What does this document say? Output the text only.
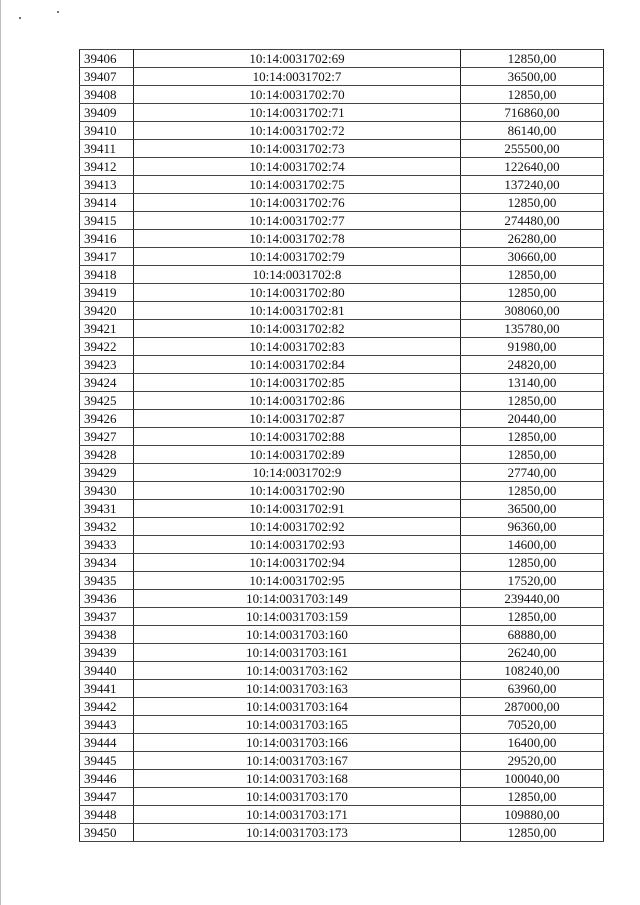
39406	10:14:0031702:69	12850,00
39407	10:14:0031702:7	36500,00
39408	10:14:0031702:70	12850,00
39409	10:14:0031702:71	716860,00
39410	10:14:0031702:72	86140,00
39411	10:14:0031702:73	255500,00
39412	10:14:0031702:74	122640,00
39413	10:14:0031702:75	137240,00
39414	10:14:0031702:76	12850,00
39415	10:14:0031702:77	274480,00
39416	10:14:0031702:78	26280,00
39417	10:14:0031702:79	30660,00
39418	10:14:0031702:8	12850,00
39419	10:14:0031702:80	12850,00
39420	10:14:0031702:81	308060,00
39421	10:14:0031702:82	135780,00
39422	10:14:0031702:83	91980,00
39423	10:14:0031702:84	24820,00
39424	10:14:0031702:85	13140,00
39425	10:14:0031702:86	12850,00
39426	10:14:0031702:87	20440,00
39427	10:14:0031702:88	12850,00
39428	10:14:0031702:89	12850,00
39429	10:14:0031702:9	27740,00
39430	10:14:0031702:90	12850,00
39431	10:14:0031702:91	36500,00
39432	10:14:0031702:92	96360,00
39433	10:14:0031702:93	14600,00
39434	10:14:0031702:94	12850,00
39435	10:14:0031702:95	17520,00
39436	10:14:0031703:149	239440,00
39437	10:14:0031703:159	12850,00
39438	10:14:0031703:160	68880,00
39439	10:14:0031703:161	26240,00
39440	10:14:0031703:162	108240,00
39441	10:14:0031703:163	63960,00
39442	10:14:0031703:164	287000,00
39443	10:14:0031703:165	70520,00
39444	10:14:0031703:166	16400,00
39445	10:14:0031703:167	29520,00
39446	10:14:0031703:168	100040,00
39447	10:14:0031703:170	12850,00
39448	10:14:0031703:171	109880,00
39450	10:14:0031703:173	12850,00
